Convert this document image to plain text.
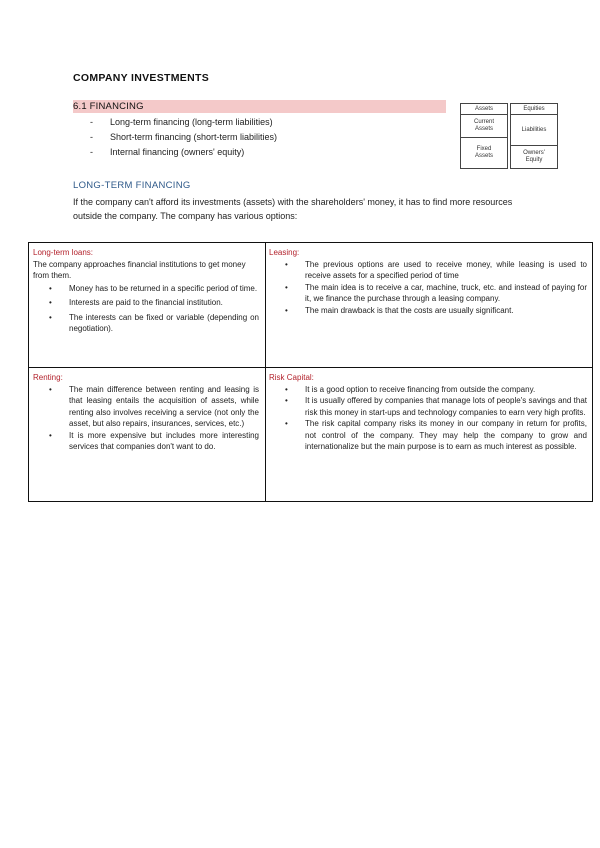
COMPANY INVESTMENTS
6.1 FINANCING
- Long-term financing (long-term liabilities)
- Short-term financing (short-term liabilities)
- Internal financing (owners' equity)
Assets
Current Assets
Fixed Assets
Equities
Liabilities
Owners' Equity
LONG-TERM FINANCING
If the company can't afford its investments (assets) with the shareholders' money, it has to find more resources outside the company. The company has various options:

Long-term loans:

The company approaches financial institutions to get money from them.

• Money has to be returned in a specific period of time.
• Interests are paid to the financial institution.
• The interests can be fixed or variable (depending on negotiation).

Leasing:

• The previous options are used to receive money, while leasing is used to receive assets for a specified period of time
• The main idea is to receive a car, machine, truck, etc. and instead of paying for it, we finance the purchase through a leasing company.
• The main drawback is that the costs are usually significant.

Renting:

• The main difference between renting and leasing is that leasing entails the acquisition of assets, while renting also involves receiving a service (not only the asset, but also repairs, insurances, services, etc.)
• It is more expensive but includes more interesting services that companies don't want to do.

Risk Capital:

• It is a good option to receive financing from outside the company.
• It is usually offered by companies that manage lots of people's savings and that risk this money in start-ups and technology companies to earn very high profits.
• The risk capital company risks its money in our company in return for profits, not control of the company. They may help the company to grow and internationalize but the main purpose is to earn as much interest as possible.
